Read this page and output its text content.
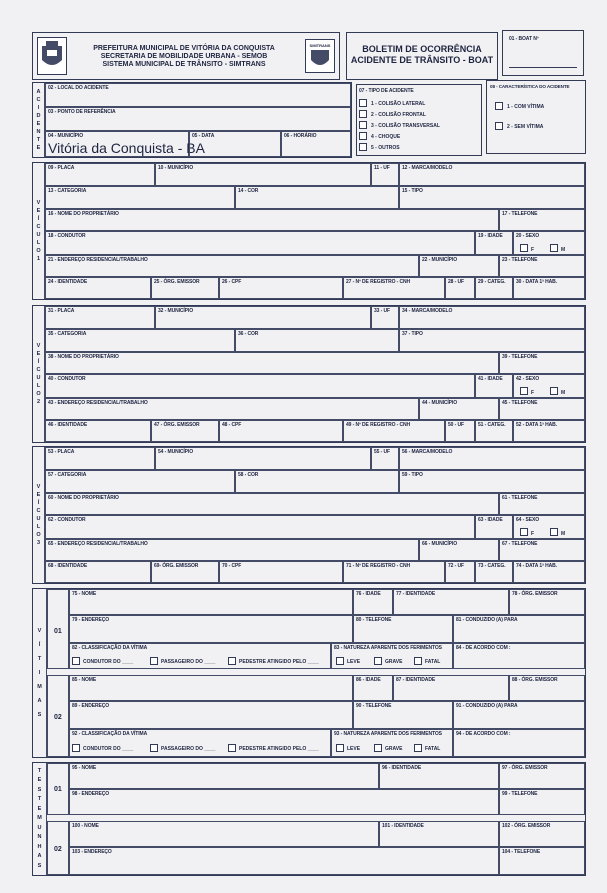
PREFEITURA MUNICIPAL DE VITÓRIA DA CONQUISTA
SECRETARIA DE MOBILIDADE URBANA - SEMOB
SISTEMA MUNICIPAL DE TRÂNSITO - SIMTRANS
SIMTRANS	BOLETIM DE OCORRÊNCIA
ACIDENTE DE TRÂNSITO - BOAT
01 - BOAT Nº
A
C
I
D
E
N
T
E
02 - LOCAL DO ACIDENTE
03 - PONTO DE REFERÊNCIA
04 - MUNICÍPIO
Vitória da Conquista - BA
05 - DATA	06 - HORÁRIO
07 - TIPO DE ACIDENTE
1 - COLISÃO LATERAL
2 - COLISÃO FRONTAL
3 - COLISÃO TRANSVERSAL
4 - CHOQUE
5 - OUTROS
08 - CARACTERÍSTICA DO ACIDENTE
1 - COM VÍTIMA
2 - SEM VÍTIMA
V
E
Í
C
U
L
O
1
09 - PLACA	10 - MUNICÍPIO	11 - UF 12 - MARCA/MODELO
13 - CATEGORIA	14 - COR	15 - TIPO
16 - NOME DO PROPRIETÁRIO	17 - TELEFONE
18 - CONDUTOR	19 - IDADE	20 - SEXO
F	M
21 - ENDEREÇO RESIDENCIAL/TRABALHO	22 - MUNICÍPIO	23 - TELEFONE
24 - IDENTIDADE	25 - ÓRG. EMISSOR	26 - CPF	27 - Nº DE REGISTRO - CNH	28 - UF	29 - CATEG. 30 - DATA 1ª HAB.
V
E
Í
C
U
L
O
2
31 - PLACA	32 - MUNICÍPIO	33 - UF 34 - MARCA/MODELO
35 - CATEGORIA	36 - COR	37 - TIPO
38 - NOME DO PROPRIETÁRIO	39 - TELEFONE
40 - CONDUTOR	41 - IDADE	42 - SEXO
F	M
43 - ENDEREÇO RESIDENCIAL/TRABALHO	44 - MUNICÍPIO	45 - TELEFONE
46 - IDENTIDADE	47 - ÓRG. EMISSOR	48 - CPF	49 - Nº DE REGISTRO - CNH	50 - UF	51 - CATEG. 52 - DATA 1ª HAB.
V
E
Í
C
U
L
O
3
53 - PLACA	54 - MUNICÍPIO	55 - UF 56 - MARCA/MODELO
57 - CATEGORIA	58 - COR	59 - TIPO
60 - NOME DO PROPRIETÁRIO	61 - TELEFONE
62 - CONDUTOR	63 - IDADE	64 - SEXO
F	M
65 - ENDEREÇO RESIDENCIAL/TRABALHO	66 - MUNICÍPIO	67 - TELEFONE
68 - IDENTIDADE	69- ÓRG. EMISSOR	70 - CPF	71 - Nº DE REGISTRO - CNH	72 - UF	73 - CATEG. 74 - DATA 1ª HAB.
V
Í
T
I
M
A
S
01
75 - NOME	76 - IDADE	77 - IDENTIDADE	78 - ÓRG. EMISSOR
79 - ENDEREÇO	80 - TELEFONE	81 - CONDUZIDO (A) PARA
82 - CLASSIFICAÇÃO DA VÍTIMA
CONDUTOR DO ____	PASSAGEIRO DO ____	PEDESTRE ATINGIDO PELO ____
83 - NATUREZA APARENTE DOS FERIMENTOS
LEVE	GRAVE	FATAL
84 - DE ACORDO COM :
02
85 - NOME	86 - IDADE	87 - IDENTIDADE	88 - ÓRG. EMISSOR
89 - ENDEREÇO	90 - TELEFONE	91 - CONDUZIDO (A) PARA
92 - CLASSIFICAÇÃO DA VÍTIMA
CONDUTOR DO ____	PASSAGEIRO DO ____	PEDESTRE ATINGIDO PELO ____
93 - NATUREZA APARENTE DOS FERIMENTOS
LEVE	GRAVE	FATAL
94 - DE ACORDO COM :
T
E
S
T
E
M
U
N
H
A
S
01
95 - NOME	96 - IDENTIDADE	97 - ÓRG. EMISSOR
98 - ENDEREÇO	99 - TELEFONE
02
100 - NOME	101 - IDENTIDADE	102 - ÓRG. EMISSOR
103 - ENDEREÇO	104 - TELEFONE
